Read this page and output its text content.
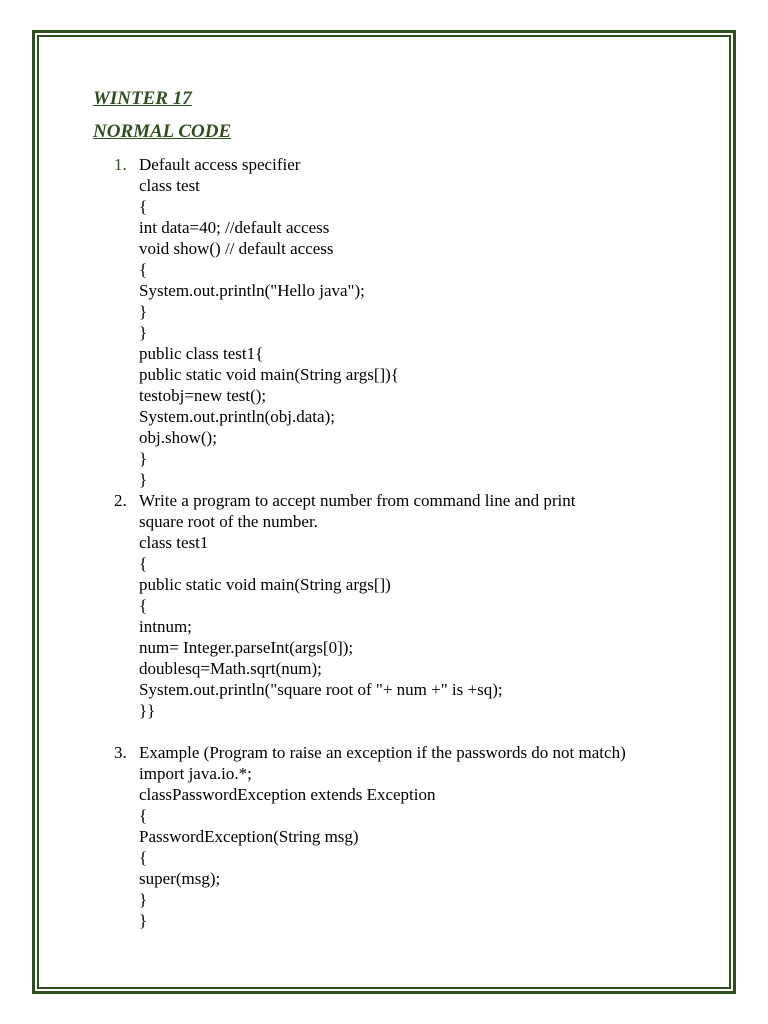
WINTER 17
NORMAL CODE
1. Default access specifier
class test
{
int data=40; //default access
void show() // default access
{
System.out.println("Hello java");
}
}
public class test1{
public static void main(String args[]){
testobj=new test();
System.out.println(obj.data);
obj.show();
}
}
2. Write a program to accept number from command line and print
square root of the number.
class test1
{
public static void main(String args[])
{
intnum;
num= Integer.parseInt(args[0]);
doublesq=Math.sqrt(num);
System.out.println("square root of "+ num +" is +sq);
}}
3. Example (Program to raise an exception if the passwords do not match)
import java.io.*;
classPasswordException extends Exception
{
PasswordException(String msg)
{
super(msg);
}
}
